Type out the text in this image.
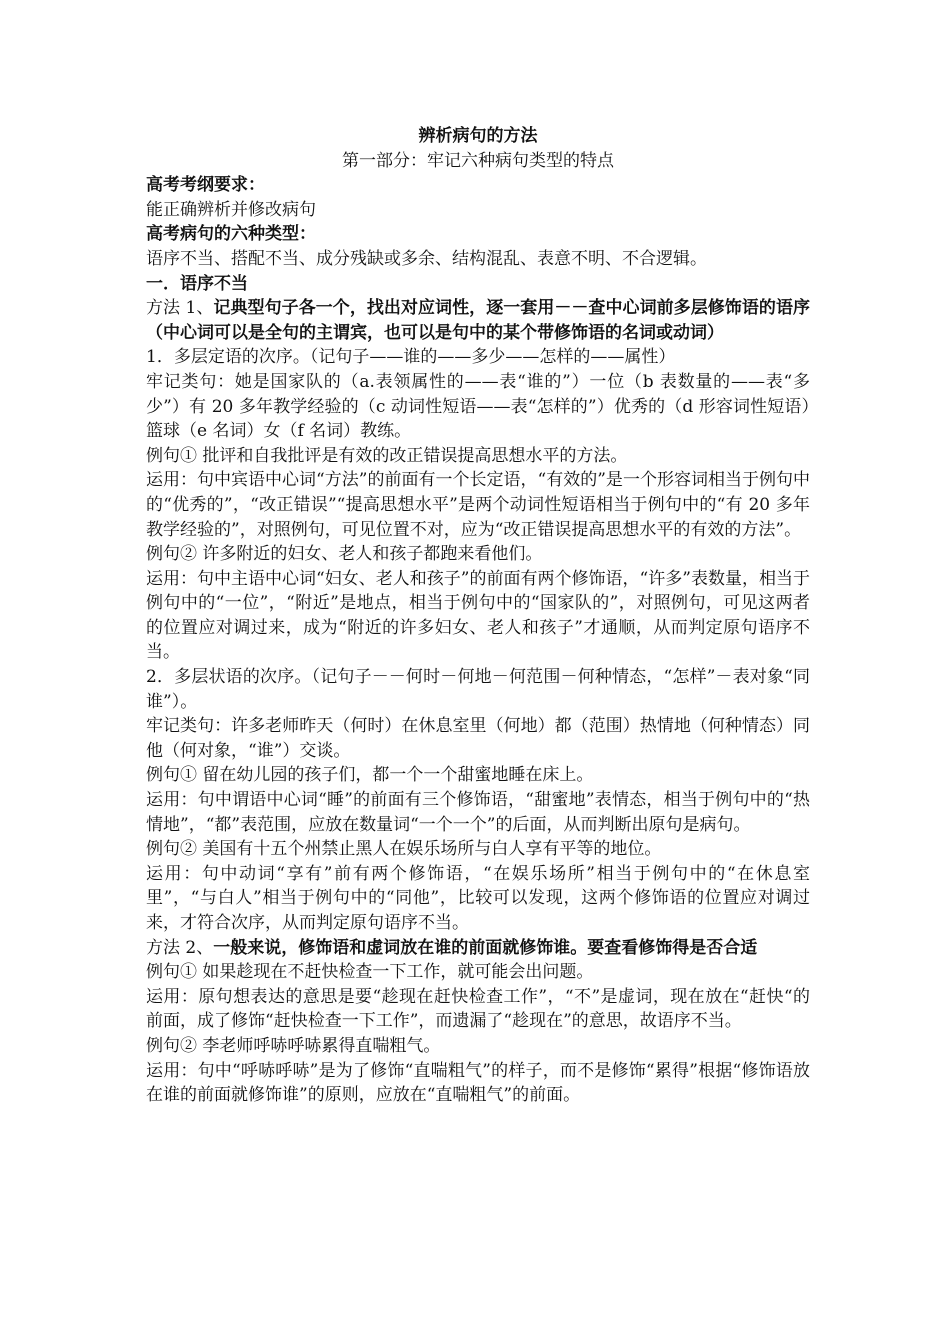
辨析病句的方法

第一部分：牢记六种病句类型的特点

高考考纲要求：

能正确辨析并修改病句

高考病句的六种类型：

语序不当、搭配不当、成分残缺或多余、结构混乱、表意不明、不合逻辑。

一．语序不当

方法 1、记典型句子各一个，找出对应词性，逐一套用－－查中心词前多层修饰语的语序（中心词可以是全句的主谓宾，也可以是句中的某个带修饰语的名词或动词）

1．多层定语的次序。（记句子——谁的——多少——怎样的——属性）

牢记类句：她是国家队的（a.表领属性的——表“谁的”）一位（b 表数量的——表“多少”）有 20 多年教学经验的（c 动词性短语——表“怎样的”）优秀的（d 形容词性短语）篮球（e 名词）女（f 名词）教练。

例句① 批评和自我批评是有效的改正错误提高思想水平的方法。

运用：句中宾语中心词“方法”的前面有一个长定语，“有效的”是一个形容词相当于例句中的“优秀的”，“改正错误”“提高思想水平”是两个动词性短语相当于例句中的“有 20 多年教学经验的”，对照例句，可见位置不对，应为“改正错误提高思想水平的有效的方法”。

例句② 许多附近的妇女、老人和孩子都跑来看他们。

运用：句中主语中心词“妇女、老人和孩子”的前面有两个修饰语，“许多”表数量，相当于例句中的“一位”，“附近”是地点，相当于例句中的“国家队的”，对照例句，可见这两者的位置应对调过来，成为“附近的许多妇女、老人和孩子”才通顺，从而判定原句语序不当。

2．多层状语的次序。（记句子－－何时－何地－何范围－何种情态，“怎样”－表对象“同谁”）。

牢记类句：许多老师昨天（何时）在休息室里（何地）都（范围）热情地（何种情态）同他（何对象，“谁”）交谈。

例句① 留在幼儿园的孩子们，都一个一个甜蜜地睡在床上。

运用：句中谓语中心词“睡”的前面有三个修饰语，“甜蜜地”表情态，相当于例句中的“热情地”，“都”表范围，应放在数量词“一个一个”的后面，从而判断出原句是病句。

例句② 美国有十五个州禁止黑人在娱乐场所与白人享有平等的地位。

运用：句中动词“享有”前有两个修饰语，“在娱乐场所”相当于例句中的“在休息室里”，“与白人”相当于例句中的“同他”，比较可以发现，这两个修饰语的位置应对调过来，才符合次序，从而判定原句语序不当。

方法 2、一般来说，修饰语和虚词放在谁的前面就修饰谁。要查看修饰得是否合适

例句① 如果趁现在不赶快检查一下工作，就可能会出问题。

运用：原句想表达的意思是要“趁现在赶快检查工作”，“不”是虚词，现在放在“赶快“的前面，成了修饰“赶快检查一下工作”，而遗漏了“趁现在”的意思，故语序不当。

例句② 李老师呼哧呼哧累得直喘粗气。

运用：句中“呼哧呼哧”是为了修饰“直喘粗气”的样子，而不是修饰“累得”根据“修饰语放在谁的前面就修饰谁”的原则，应放在“直喘粗气”的前面。
